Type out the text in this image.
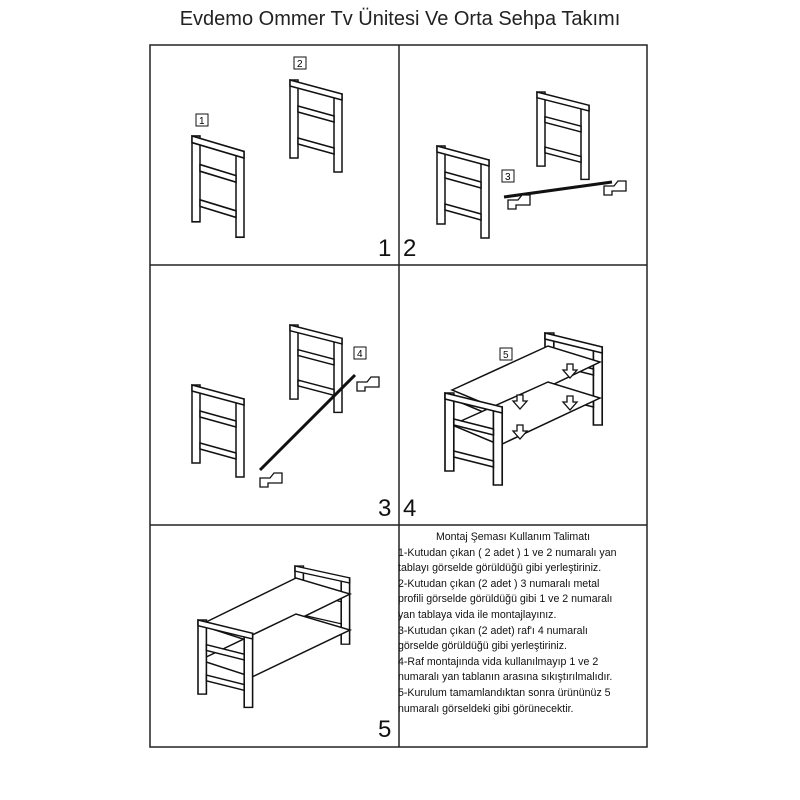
Evdemo Ommer Tv Ünitesi Ve Orta Sehpa Takımı
1
2
3
4	5
1 2
3 4
5
Montaj Şeması Kullanım Talimatı
1-Kutudan çıkan ( 2 adet ) 1 ve 2 numaralı yan
tablayı görselde görüldüğü gibi yerleştiriniz.
2-Kutudan çıkan (2 adet ) 3 numaralı metal
profili görselde görüldüğü gibi 1 ve 2 numaralı
yan tablaya vida ile montajlayınız.
3-Kutudan çıkan (2 adet) raf'ı 4 numaralı
görselde görüldüğü gibi yerleştiriniz.
4-Raf montajında vida kullanılmayıp 1 ve 2
numaralı yan tablanın arasına sıkıştırılmalıdır.
5-Kurulum tamamlandıktan sonra ürününüz 5
numaralı görseldeki gibi görünecektir.
